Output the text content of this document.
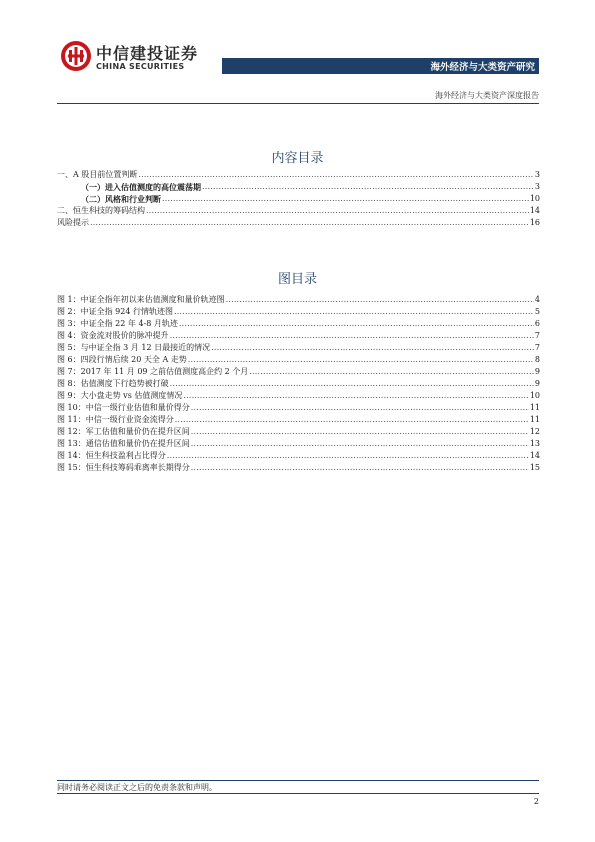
中信建投证券
CHINA SECURITIES	海外经济与大类资产研究
海外经济与大类资产深度报告
内容目录
一、A 股目前位置判断 .....	3
（一）进入估值测度的高位震荡期 .....	3
（二）风格和行业判断 .....	10
二、恒生科技的筹码结构 .....	14
风险提示 .....	16
图目录
图 1：中证全指年初以来估值测度和量价轨迹图 .....	4
图 2：中证全指 924 行情轨迹图 .....	5
图 3：中证全指 22 年 4-8 月轨迹 .....	6
图 4：资金流对股价的脉冲提升 .....	7
图 5：与中证全指 3 月 12 日最接近的情况 .....	7
图 6：四段行情后续 20 天全 A 走势 .....	8
图 7：2017 年 11 月 09 之前估值测度高企约 2 个月 .....	9
图 8：估值测度下行趋势被打破 .....	9
图 9：大小盘走势 vs 估值测度情况 .....	10
图 10：中信一级行业估值和量价得分 .....	11
图 11：中信一级行业资金流得分 .....	11
图 12：军工估值和量价仍在提升区间 .....	12
图 13：通信估值和量价仍在提升区间 .....	13
图 14：恒生科技盈利占比得分 .....	14
图 15：恒生科技筹码乖离率长期得分 .....	15
同时请务必阅读正文之后的免责条款和声明。
2
